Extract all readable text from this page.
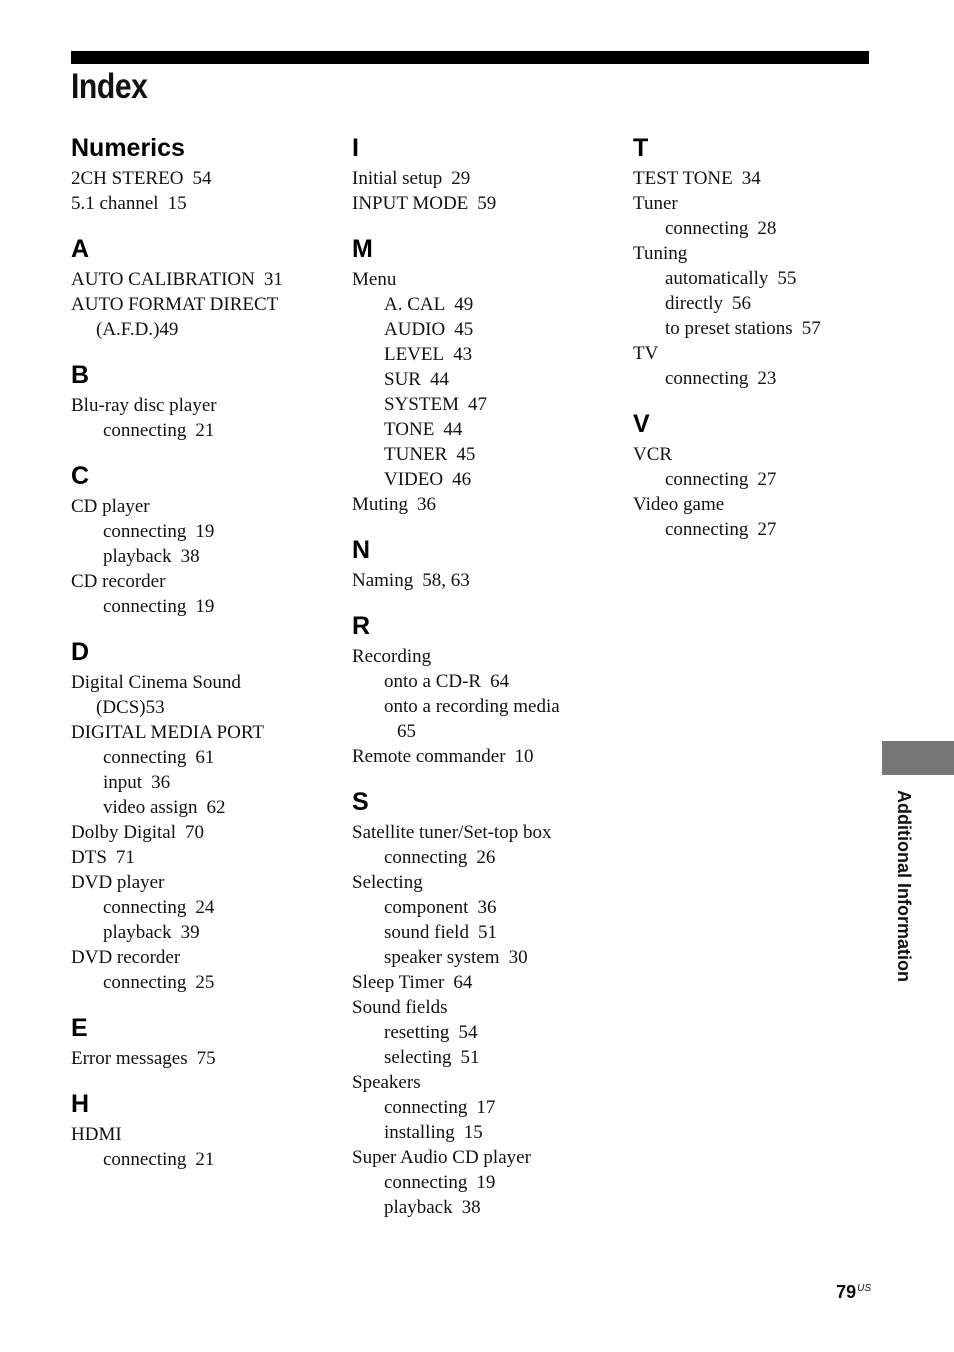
Index
Numerics
2CH STEREO 54
5.1 channel 15
A
AUTO CALIBRATION 31
AUTO FORMAT DIRECT
(A.F.D.)49
B
Blu-ray disc player
connecting 21
C
CD player
connecting 19
playback 38
CD recorder
connecting 19
D
Digital Cinema Sound
(DCS)53
DIGITAL MEDIA PORT
connecting 61
input 36
video assign 62
Dolby Digital 70
DTS 71
DVD player
connecting 24
playback 39
DVD recorder
connecting 25
E
Error messages 75
H
HDMI
connecting 21
I
Initial setup 29
INPUT MODE 59
M
Menu
A. CAL 49
AUDIO 45
LEVEL 43
SUR 44
SYSTEM 47
TONE 44
TUNER 45
VIDEO 46
Muting 36
N
Naming 58, 63
R
Recording
onto a CD-R 64
onto a recording media
65
Remote commander 10
S
Satellite tuner/Set-top box
connecting 26
Selecting
component 36
sound field 51
speaker system 30
Sleep Timer 64
Sound fields
resetting 54
selecting 51
Speakers
connecting 17
installing 15
Super Audio CD player
connecting 19
playback 38
T
TEST TONE 34
Tuner
connecting 28
Tuning
automatically 55
directly 56
to preset stations 57
TV
connecting 23
V
VCR
connecting 27
Video game
connecting 27
Additional Information
$79^{US}$
